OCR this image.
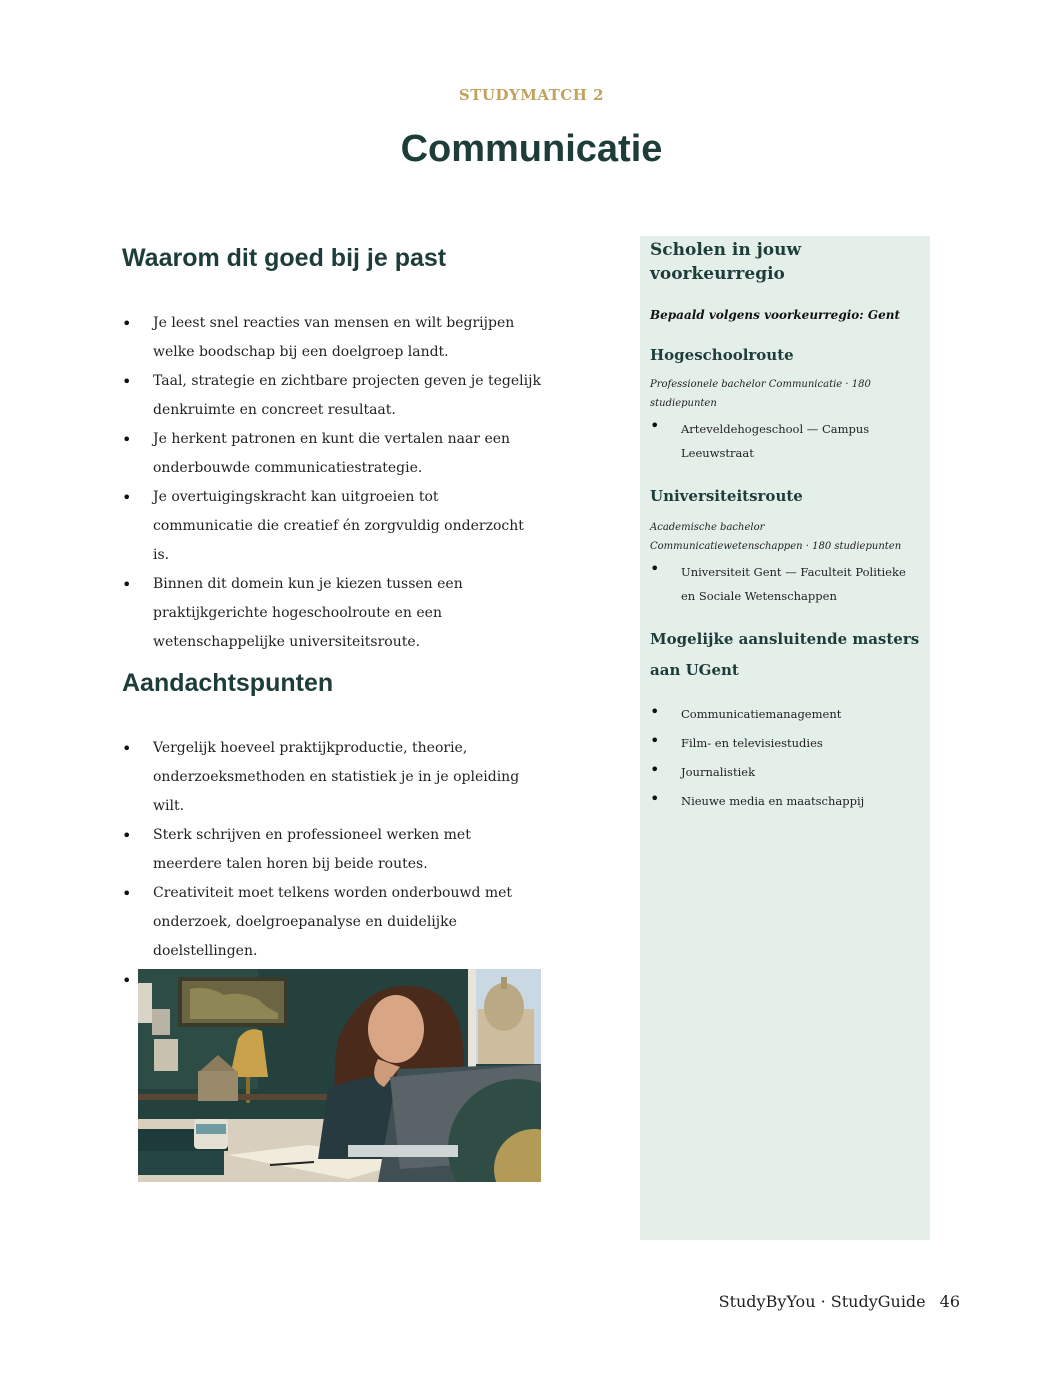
STUDYMATCH 2
Communicatie
Waarom dit goed bij je past
• Je leest snel reacties van mensen en wilt begrijpen welke boodschap bij een doelgroep landt.
• Taal, strategie en zichtbare projecten geven je tegelijk denkruimte en concreet resultaat.
• Je herkent patronen en kunt die vertalen naar een onderbouwde communicatiestrategie.
• Je overtuigingskracht kan uitgroeien tot communicatie die creatief én zorgvuldig onderzocht is.
• Binnen dit domein kun je kiezen tussen een praktijkgerichte hogeschoolroute en een wetenschappelijke universiteitsroute.
Aandachtspunten
• Vergelijk hoeveel praktijkproductie, theorie, onderzoeksmethoden en statistiek je in je opleiding wilt.
• Sterk schrijven en professioneel werken met meerdere talen horen bij beide routes.
• Creativiteit moet telkens worden onderbouwd met onderzoek, doelgroepanalyse en duidelijke doelstellingen.
•
Scholen in jouw voorkeurregio
Bepaald volgens voorkeurregio: Gent
Hogeschoolroute
Professionele bachelor Communicatie · 180 studiepunten
• Arteveldehogeschool — Campus Leeuwstraat
Universiteitsroute
Academische bachelor Communicatiewetenschappen · 180 studiepunten
• Universiteit Gent — Faculteit Politieke en Sociale Wetenschappen
Mogelijke aansluitende masters aan UGent
• Communicatiemanagement
• Film- en televisiestudies
• Journalistiek
• Nieuwe media en maatschappij
StudyByYou · StudyGuide 46
